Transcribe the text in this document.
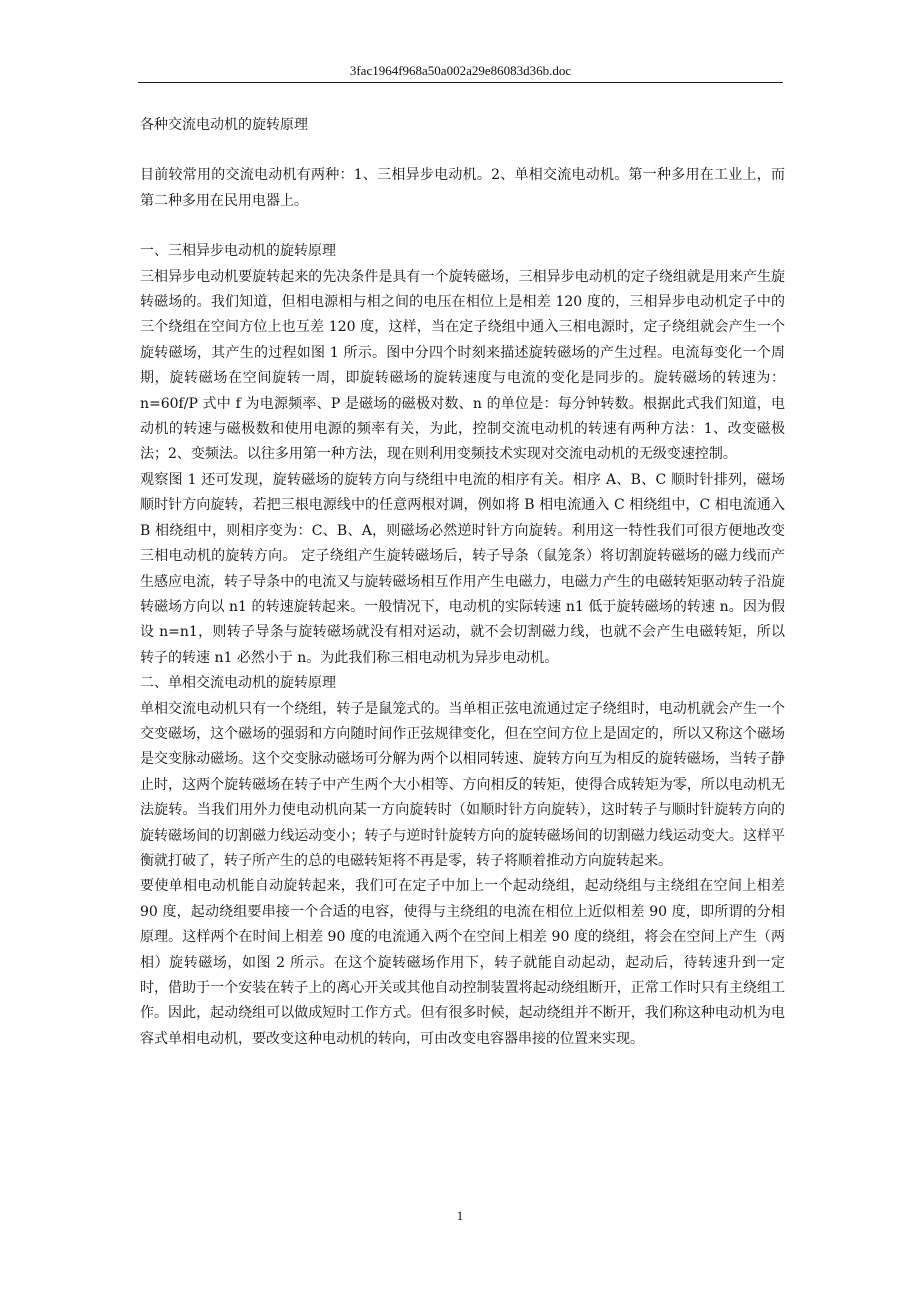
3fac1964f968a50a002a29e86083d36b.doc

各种交流电动机的旋转原理

目前较常用的交流电动机有两种：1、三相异步电动机。2、单相交流电动机。第一种多用在工业上，而第二种多用在民用电器上。

一、三相异步电动机的旋转原理

三相异步电动机要旋转起来的先决条件是具有一个旋转磁场，三相异步电动机的定子绕组就是用来产生旋转磁场的。我们知道，但相电源相与相之间的电压在相位上是相差 120 度的，三相异步电动机定子中的三个绕组在空间方位上也互差 120 度，这样，当在定子绕组中通入三相电源时，定子绕组就会产生一个旋转磁场，其产生的过程如图 1 所示。图中分四个时刻来描述旋转磁场的产生过程。电流每变化一个周期，旋转磁场在空间旋转一周，即旋转磁场的旋转速度与电流的变化是同步的。旋转磁场的转速为：n=60f/P 式中 f 为电源频率、P 是磁场的磁极对数、n 的单位是：每分钟转数。根据此式我们知道，电动机的转速与磁极数和使用电源的频率有关，为此，控制交流电动机的转速有两种方法：1、改变磁极法；2、变频法。以往多用第一种方法，现在则利用变频技术实现对交流电动机的无级变速控制。

观察图 1 还可发现，旋转磁场的旋转方向与绕组中电流的相序有关。相序 A、B、C 顺时针排列，磁场顺时针方向旋转，若把三根电源线中的任意两根对调，例如将 B 相电流通入 C 相绕组中，C 相电流通入 B 相绕组中，则相序变为：C、B、A，则磁场必然逆时针方向旋转。利用这一特性我们可很方便地改变三相电动机的旋转方向。 定子绕组产生旋转磁场后，转子导条（鼠笼条）将切割旋转磁场的磁力线而产生感应电流，转子导条中的电流又与旋转磁场相互作用产生电磁力，电磁力产生的电磁转矩驱动转子沿旋转磁场方向以 n1 的转速旋转起来。一般情况下，电动机的实际转速 n1 低于旋转磁场的转速 n。因为假设 n=n1，则转子导条与旋转磁场就没有相对运动，就不会切割磁力线，也就不会产生电磁转矩，所以转子的转速 n1 必然小于 n。为此我们称三相电动机为异步电动机。

二、单相交流电动机的旋转原理

单相交流电动机只有一个绕组，转子是鼠笼式的。当单相正弦电流通过定子绕组时，电动机就会产生一个交变磁场，这个磁场的强弱和方向随时间作正弦规律变化，但在空间方位上是固定的，所以又称这个磁场是交变脉动磁场。这个交变脉动磁场可分解为两个以相同转速、旋转方向互为相反的旋转磁场，当转子静止时，这两个旋转磁场在转子中产生两个大小相等、方向相反的转矩，使得合成转矩为零，所以电动机无法旋转。当我们用外力使电动机向某一方向旋转时（如顺时针方向旋转），这时转子与顺时针旋转方向的旋转磁场间的切割磁力线运动变小；转子与逆时针旋转方向的旋转磁场间的切割磁力线运动变大。这样平衡就打破了，转子所产生的总的电磁转矩将不再是零，转子将顺着推动方向旋转起来。

要使单相电动机能自动旋转起来，我们可在定子中加上一个起动绕组，起动绕组与主绕组在空间上相差 90 度，起动绕组要串接一个合适的电容，使得与主绕组的电流在相位上近似相差 90 度，即所谓的分相原理。这样两个在时间上相差 90 度的电流通入两个在空间上相差 90 度的绕组，将会在空间上产生（两相）旋转磁场，如图 2 所示。在这个旋转磁场作用下，转子就能自动起动，起动后，待转速升到一定时，借助于一个安装在转子上的离心开关或其他自动控制装置将起动绕组断开，正常工作时只有主绕组工作。因此，起动绕组可以做成短时工作方式。但有很多时候，起动绕组并不断开，我们称这种电动机为电容式单相电动机，要改变这种电动机的转向，可由改变电容器串接的位置来实现。

1
